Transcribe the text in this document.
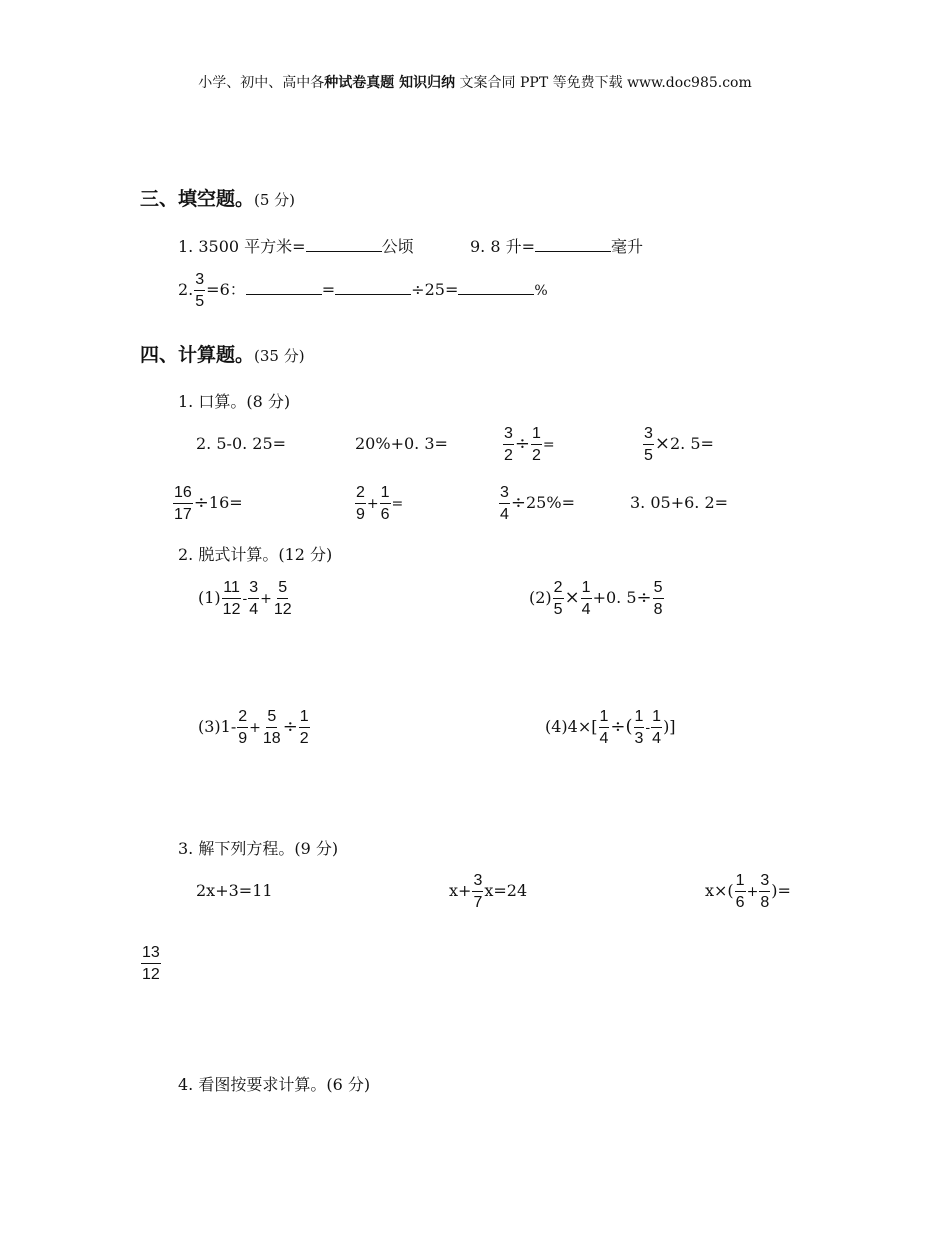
小学、初中、高中各种试卷真题 知识归纳 文案合同 PPT 等免费下载 www.doc985.com
三、填空题。(5 分)
1. 3500 平方米=	公顷	9. 8 升=	毫升
2. $\frac{3}{5} =6$：	=	÷25=	%
四、计算题。(35 分)
1. 口算。(8 分)
2. 5-0. 25=	20%+0. 3=	$\frac{3}{2} \div \frac{1}{2}$ =	$\frac{3}{5} \times 2$. 5=
$\frac{16}{17} \div 16=$	$\frac{2}{9} + \frac{1}{6}$ =	$\frac{3}{4} \div 25\%=$	3. 05+6. 2=
2. 脱式计算。(12 分)
$(1) \frac{11}{12} - \frac{3}{4} + \frac{5}{12}$	$(2) \frac{2}{5} \times \frac{1}{4} +0$. $5\div \frac{5}{8}$
$(3)1- \frac{2}{9} + \frac{5}{18} \div \frac{1}{2}$	$(4)4\times[ \frac{1}{4}$ ÷( $\frac{1}{3} - \frac{1}{4}$ )]
3. 解下列方程。(9 分)
2x+3=11	$x+ \frac{3}{7} x=24$	$x\times( \frac{1}{6} + \frac{3}{8}$ )=
$\frac{13}{12}$
4. 看图按要求计算。(6 分)
